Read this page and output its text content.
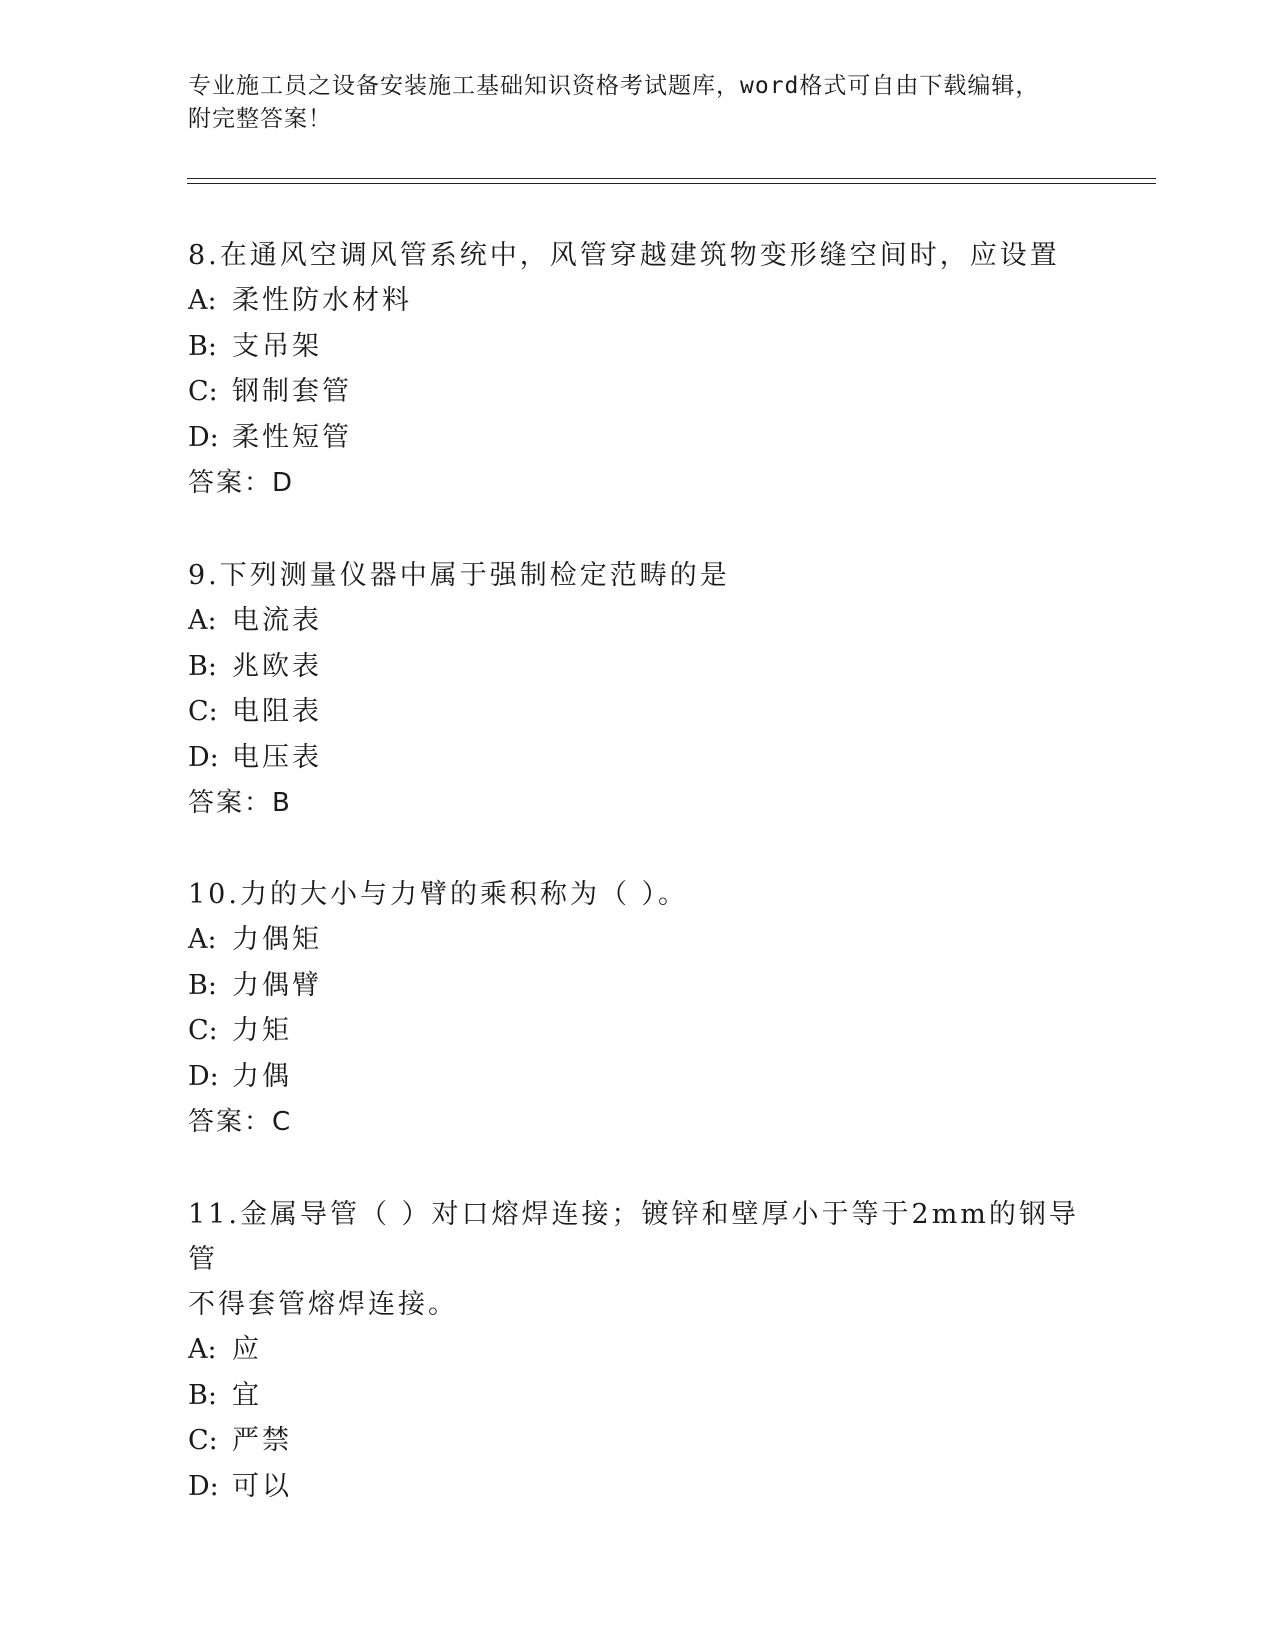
专业施工员之设备安装施工基础知识资格考试题库，word格式可自由下载编辑，
附完整答案！
8.在通风空调风管系统中，风管穿越建筑物变形缝空间时，应设置
A: 柔性防水材料
B: 支吊架
C: 钢制套管
D: 柔性短管
答案：D
9.下列测量仪器中属于强制检定范畴的是
A: 电流表
B: 兆欧表
C: 电阻表
D: 电压表
答案：B
10.力的大小与力臂的乘积称为（ ）。
A: 力偶矩
B: 力偶臂
C: 力矩
D: 力偶
答案：C
11.金属导管（ ）对口熔焊连接；镀锌和壁厚小于等于2mm的钢导管
不得套管熔焊连接。
A: 应
B: 宜
C: 严禁
D: 可以
